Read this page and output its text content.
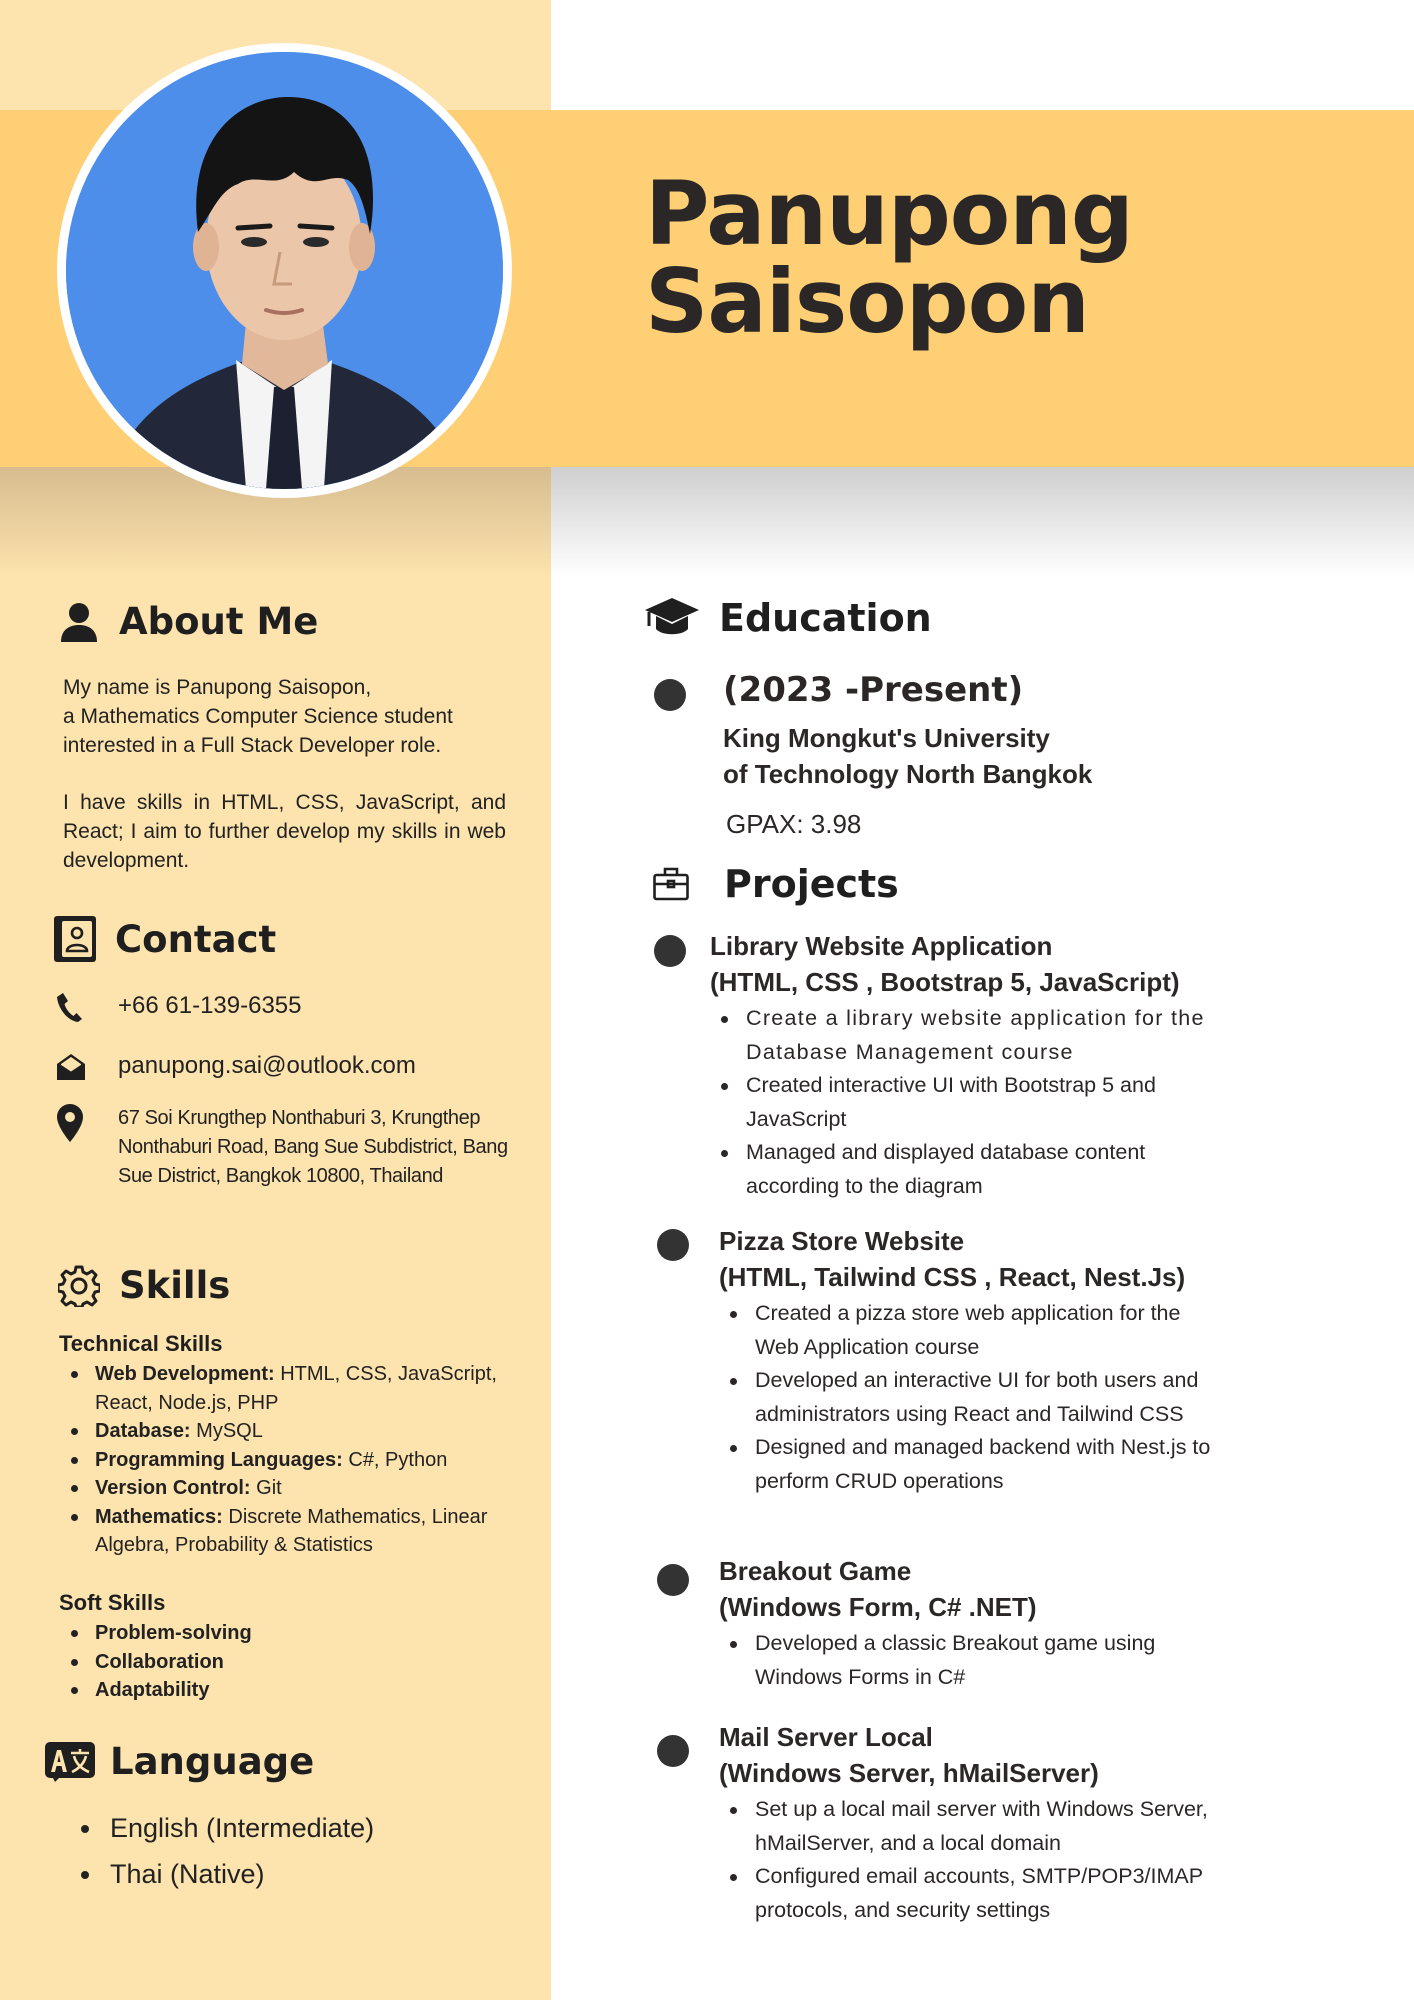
Panupong
Saisopon
About Me
My name is Panupong Saisopon,
a Mathematics Computer Science student
interested in a Full Stack Developer role.
I have skills in HTML, CSS, JavaScript, and React; I aim to further develop my skills in web development.
Contact
+66 61-139-6355
panupong.sai@outlook.com
67 Soi Krungthep Nonthaburi 3, Krungthep Nonthaburi Road, Bang Sue Subdistrict, Bang Sue District, Bangkok 10800, Thailand
Skills
Technical Skills
Web Development: HTML, CSS, JavaScript, React, Node.js, PHP
Database: MySQL
Programming Languages: C#, Python
Version Control: Git
Mathematics: Discrete Mathematics, Linear Algebra, Probability & Statistics
Soft Skills
Problem-solving
Collaboration
Adaptability
Language
English (Intermediate)
Thai (Native)
Education
(2023 -Present)
King Mongkut's University
of Technology North Bangkok
GPAX: 3.98
Projects
Library Website Application
(HTML, CSS , Bootstrap 5, JavaScript)
Create a library website application for the Database Management course
Created interactive UI with Bootstrap 5 and JavaScript
Managed and displayed database content according to the diagram
Pizza Store Website
(HTML, Tailwind CSS , React, Nest.Js)
Created a pizza store web application for the Web Application course
Developed an interactive UI for both users and administrators using React and Tailwind CSS
Designed and managed backend with Nest.js to perform CRUD operations
Breakout Game
(Windows Form, C# .NET)
Developed a classic Breakout game using Windows Forms in C#
Mail Server Local
(Windows Server, hMailServer)
Set up a local mail server with Windows Server, hMailServer, and a local domain
Configured email accounts, SMTP/POP3/IMAP protocols, and security settings
